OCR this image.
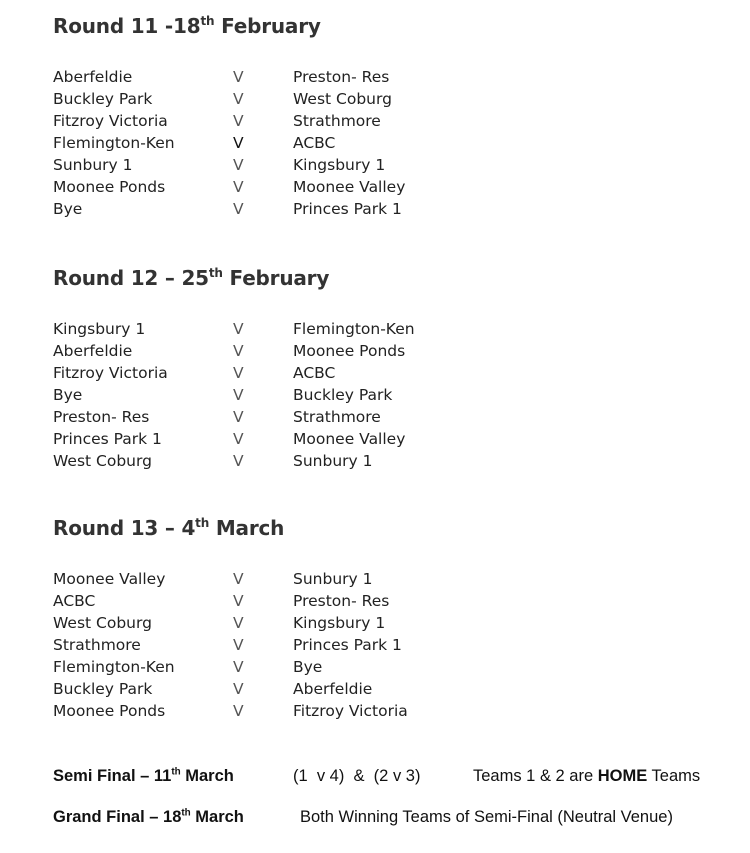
Round 11 -18th February
Aberfeldie	V	Preston- Res
Buckley Park	V	West Coburg
Fitzroy Victoria	V	Strathmore
Flemington-Ken	V	ACBC
Sunbury 1	V	Kingsbury 1
Moonee Ponds	V	Moonee Valley
Bye	V	Princes Park 1
Round 12 – 25th February
Kingsbury 1	V	Flemington-Ken
Aberfeldie	V	Moonee Ponds
Fitzroy Victoria	V	ACBC
Bye	V	Buckley Park
Preston- Res	V	Strathmore
Princes Park 1	V	Moonee Valley
West Coburg	V	Sunbury 1
Round 13 – 4th March
Moonee Valley	V	Sunbury 1
ACBC	V	Preston- Res
West Coburg	V	Kingsbury 1
Strathmore	V	Princes Park 1
Flemington-Ken	V	Bye
Buckley Park	V	Aberfeldie
Moonee Ponds	V	Fitzroy Victoria
Semi Final – 11th March	(1  v 4)  &  (2 v 3)	Teams 1 & 2 are HOME Teams
Grand Final – 18th March	Both Winning Teams of Semi-Final (Neutral Venue)
